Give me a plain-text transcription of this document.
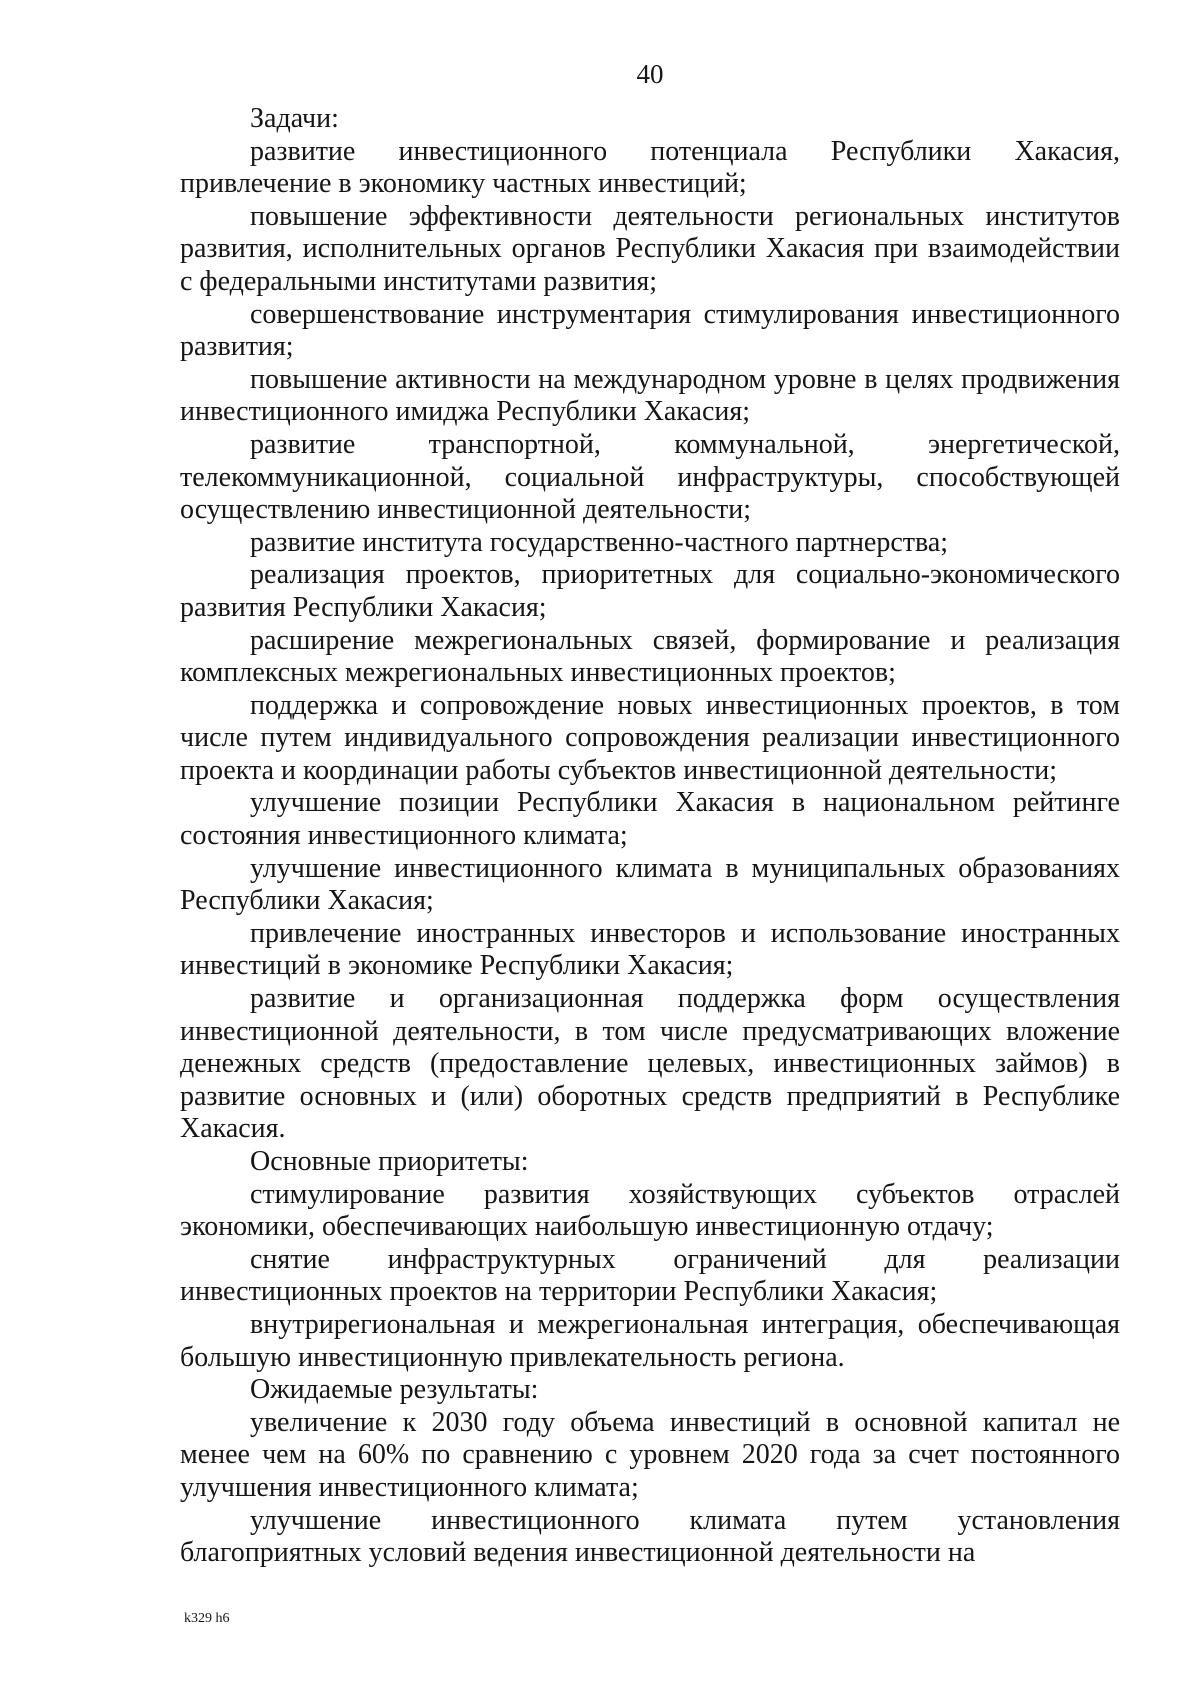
40

Задачи:

развитие инвестиционного потенциала Республики Хакасия, привлечение в экономику частных инвестиций;

повышение эффективности деятельности региональных институтов развития, исполнительных органов Республики Хакасия при взаимодействии с федеральными институтами развития;

совершенствование инструментария стимулирования инвестиционного развития;

повышение активности на международном уровне в целях продвижения инвестиционного имиджа Республики Хакасия;

развитие транспортной, коммунальной, энергетической, телекоммуникационной, социальной инфраструктуры, способствующей осуществлению инвестиционной деятельности;

развитие института государственно-частного партнерства;

реализация проектов, приоритетных для социально-экономического развития Республики Хакасия;

расширение межрегиональных связей, формирование и реализация комплексных межрегиональных инвестиционных проектов;

поддержка и сопровождение новых инвестиционных проектов, в том числе путем индивидуального сопровождения реализации инвестиционного проекта и координации работы субъектов инвестиционной деятельности;

улучшение позиции Республики Хакасия в национальном рейтинге состояния инвестиционного климата;

улучшение инвестиционного климата в муниципальных образованиях Республики Хакасия;

привлечение иностранных инвесторов и использование иностранных инвестиций в экономике Республики Хакасия;

развитие и организационная поддержка форм осуществления инвестиционной деятельности, в том числе предусматривающих вложение денежных средств (предоставление целевых, инвестиционных займов) в развитие основных и (или) оборотных средств предприятий в Республике Хакасия.

Основные приоритеты:

стимулирование развития хозяйствующих субъектов отраслей экономики, обеспечивающих наибольшую инвестиционную отдачу;

снятие инфраструктурных ограничений для реализации инвестиционных проектов на территории Республики Хакасия;

внутрирегиональная и межрегиональная интеграция, обеспечивающая большую инвестиционную привлекательность региона.

Ожидаемые результаты:

увеличение к 2030 году объема инвестиций в основной капитал не менее чем на 60% по сравнению с уровнем 2020 года за счет постоянного улучшения инвестиционного климата;

улучшение инвестиционного климата путем установления благоприятных условий ведения инвестиционной деятельности на

k329 h6
